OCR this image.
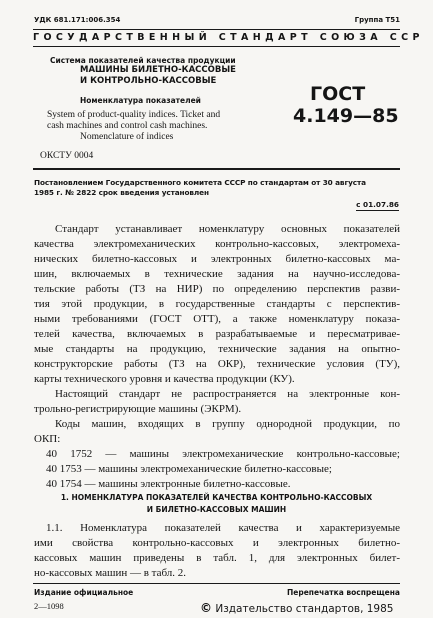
УДК 681.171:006.354	Группа Т51
ГОСУДАРСТВЕННЫЙ СТАНДАРТ СОЮЗА ССР
Система показателей качества продукции
МАШИНЫ БИЛЕТНО-КАССОВЫЕ
И КОНТРОЛЬНО-КАССОВЫЕ
Номенклатура показателей
System of product-quality indices. Ticket and
cash machines and control cash machines.
Nomenclature of indices
ГОСТ
4.149—85
ОКСТУ 0004
Постановлением Государственного комитета СССР по стандартам от 30 августа
1985 г. № 2822 срок введения установлен
с 01.07.86
Стандарт устанавливает номенклатуру основных показателей
качества электромеханических контрольно-кассовых, электромеха-
нических билетно-кассовых и электронных билетно-кассовых ма-
шин, включаемых в технические задания на научно-исследова-
тельские работы (ТЗ на НИР) по определению перспектив разви-
тия этой продукции, в государственные стандарты с перспектив-
ными требованиями (ГОСТ ОТТ), а также номенклатуру показа-
телей качества, включаемых в разрабатываемые и пересматривае-
мые стандарты на продукцию, технические задания на опытно-
конструкторские работы (ТЗ на ОКР), технические условия (ТУ),
карты технического уровня и качества продукции (КУ).
Настоящий стандарт не распространяется на электронные кон-
трольно-регистрирующие машины (ЭКРМ).
Коды машин, входящих в группу однородной продукции, по
ОКП:
40 1752 — машины электромеханические контрольно-кассовые;
40 1753 — машины электромеханические билетно-кассовые;
40 1754 — машины электронные билетно-кассовые.
1. НОМЕНКЛАТУРА ПОКАЗАТЕЛЕЙ КАЧЕСТВА КОНТРОЛЬНО-КАССОВЫХ
И БИЛЕТНО-КАССОВЫХ МАШИН
1.1. Номенклатура показателей качества и характеризуемые
ими свойства контрольно-кассовых и электронных билетно-
кассовых машин приведены в табл. 1, для электронных билет-
но-кассовых машин — в табл. 2.
Издание официальное	Перепечатка воспрещена
© Издательство стандартов, 1985
2—1098
